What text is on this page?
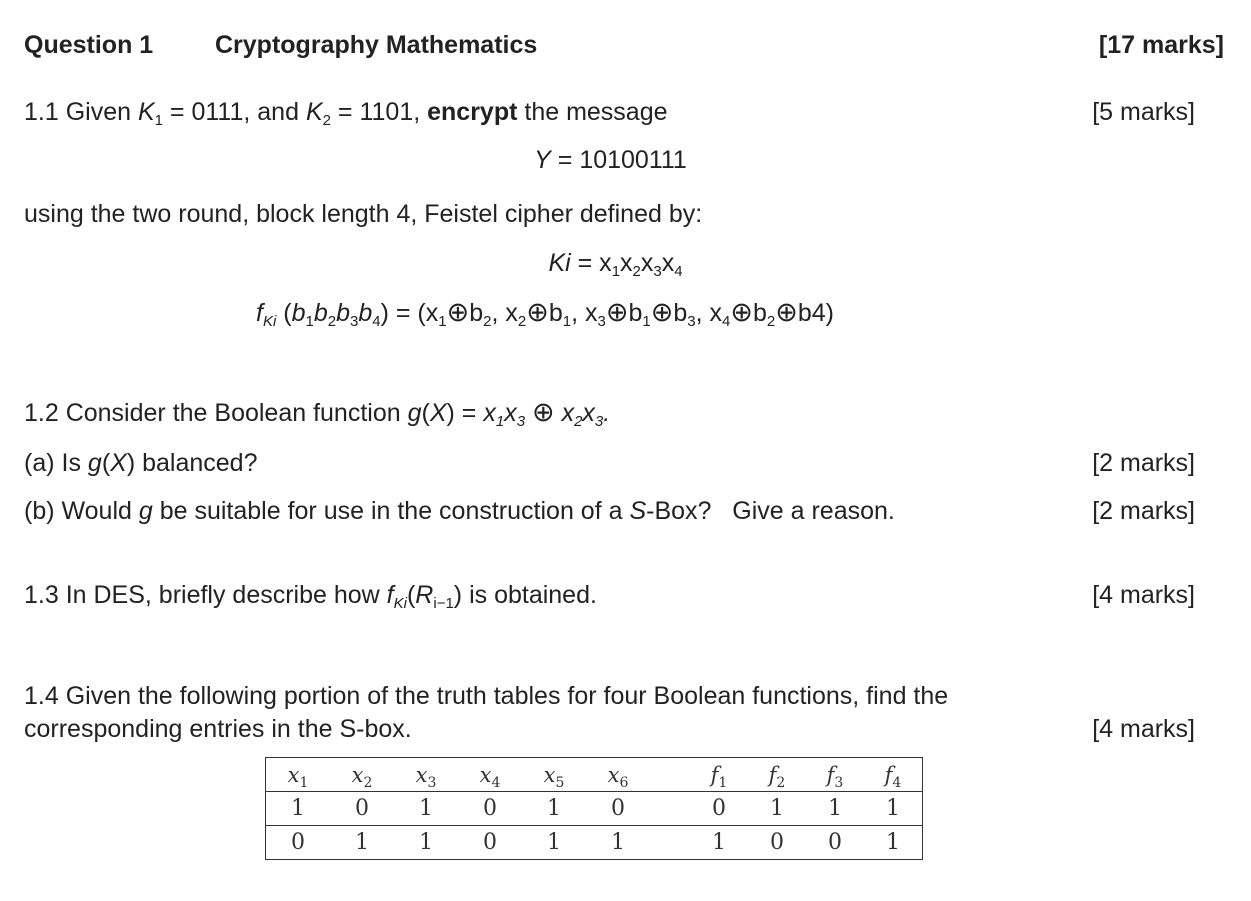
Question 1 Cryptography Mathematics	[17 marks]
1.1 Given $K_1 = 0111$, and $K_2 = 1101$, encrypt the message	[5 marks]
Y = 10100111
using the two round, block length 4, Feistel cipher defined by:
$Ki = x_1x_2x_3x_4$
$f_{Ki}$ $(b_1b_2b_3b_4)$ = ($x_1\oplus b_2$, $x_2\oplus b_1$, $x_3\oplus b_1\oplus b_3$, $x_4\oplus b_2\oplus b4$)
1.2 Consider the Boolean function $g(X) = x_1x_3$ ⊕ $x_2x_3$.
(a) Is g(X) balanced?	[2 marks]
(b) Would g be suitable for use in the construction of a S-Box?   Give a reason.	[2 marks]
1.3 In DES, briefly describe how $f_{Ki}(R_{i-1})$ is obtained.	[4 marks]
1.4 Given the following portion of the truth tables for four Boolean functions, find the
corresponding entries in the S-box.	[4 marks]
$x_1$	$x_2$	$x_3$	$x_4$	$x_5$	$x_6$		$f_1$	$f_2$	$f_3$	$f_4$
1	0	1	0	1	0		0	1	1	1
0	1	1	0	1	1		1	0	0	1
